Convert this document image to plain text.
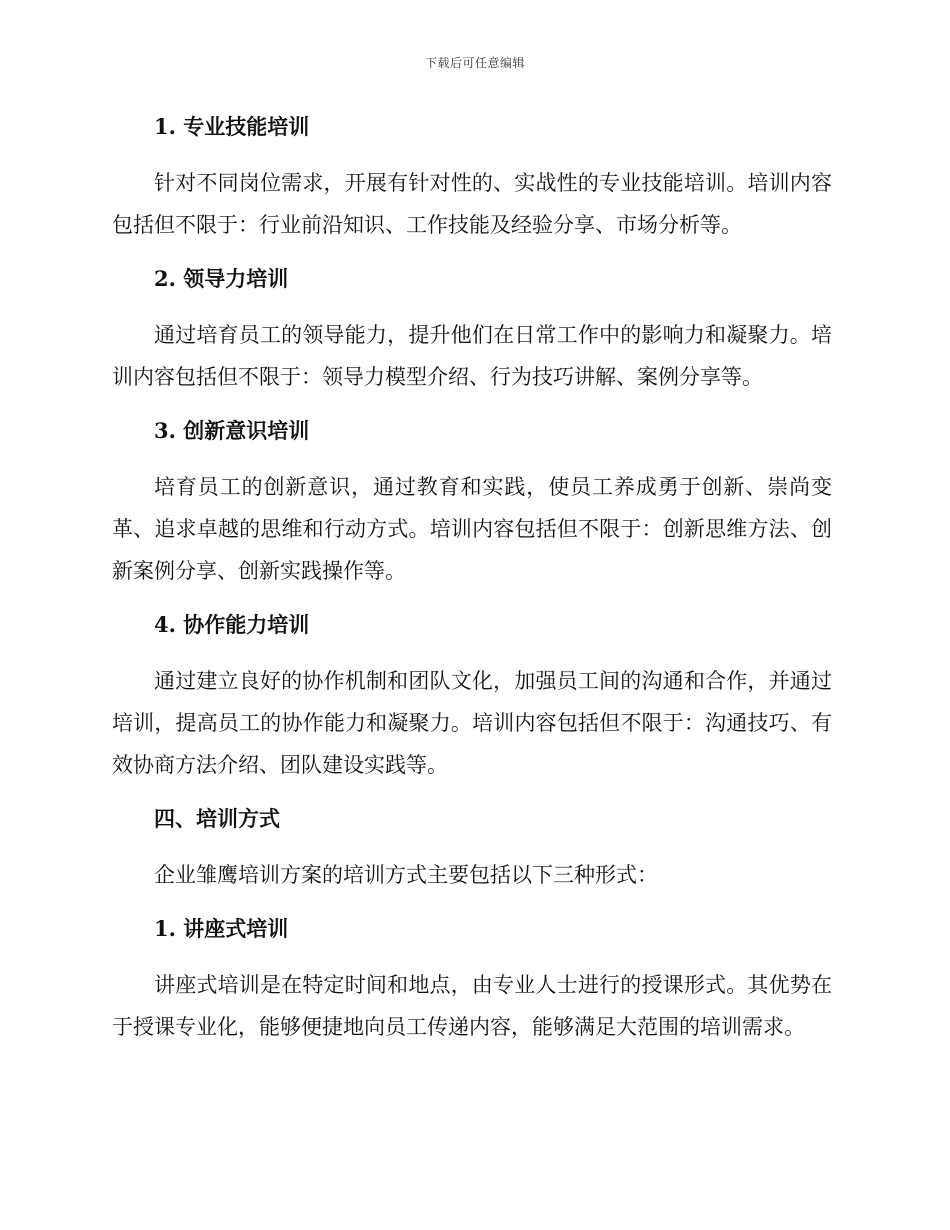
下载后可任意编辑
1. 专业技能培训
针对不同岗位需求，开展有针对性的、实战性的专业技能培训。培训内容包括但不限于：行业前沿知识、工作技能及经验分享、市场分析等。
2. 领导力培训
通过培育员工的领导能力，提升他们在日常工作中的影响力和凝聚力。培训内容包括但不限于：领导力模型介绍、行为技巧讲解、案例分享等。
3. 创新意识培训
培育员工的创新意识，通过教育和实践，使员工养成勇于创新、崇尚变革、追求卓越的思维和行动方式。培训内容包括但不限于：创新思维方法、创新案例分享、创新实践操作等。
4. 协作能力培训
通过建立良好的协作机制和团队文化，加强员工间的沟通和合作，并通过培训，提高员工的协作能力和凝聚力。培训内容包括但不限于：沟通技巧、有效协商方法介绍、团队建设实践等。
四、培训方式
企业雏鹰培训方案的培训方式主要包括以下三种形式：
1. 讲座式培训
讲座式培训是在特定时间和地点，由专业人士进行的授课形式。其优势在于授课专业化，能够便捷地向员工传递内容，能够满足大范围的培训需求。
